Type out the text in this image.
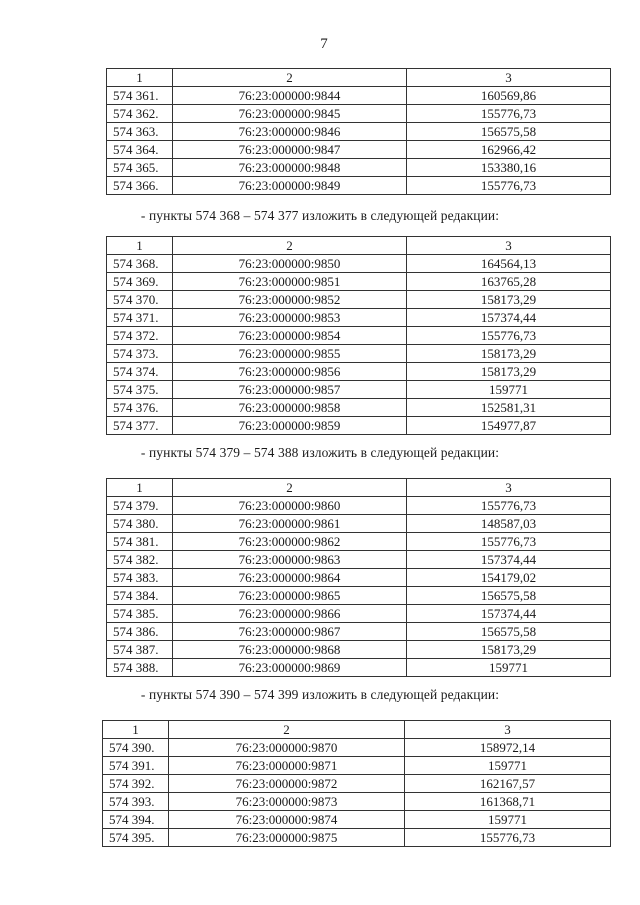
7
1	2	3
574 361.	76:23:000000:9844	160569,86
574 362.	76:23:000000:9845	155776,73
574 363.	76:23:000000:9846	156575,58
574 364.	76:23:000000:9847	162966,42
574 365.	76:23:000000:9848	153380,16
574 366.	76:23:000000:9849	155776,73
- пункты 574 368 – 574 377 изложить в следующей редакции:
1	2	3
574 368.	76:23:000000:9850	164564,13
574 369.	76:23:000000:9851	163765,28
574 370.	76:23:000000:9852	158173,29
574 371.	76:23:000000:9853	157374,44
574 372.	76:23:000000:9854	155776,73
574 373.	76:23:000000:9855	158173,29
574 374.	76:23:000000:9856	158173,29
574 375.	76:23:000000:9857	159771
574 376.	76:23:000000:9858	152581,31
574 377.	76:23:000000:9859	154977,87
- пункты 574 379 – 574 388 изложить в следующей редакции:
1	2	3
574 379.	76:23:000000:9860	155776,73
574 380.	76:23:000000:9861	148587,03
574 381.	76:23:000000:9862	155776,73
574 382.	76:23:000000:9863	157374,44
574 383.	76:23:000000:9864	154179,02
574 384.	76:23:000000:9865	156575,58
574 385.	76:23:000000:9866	157374,44
574 386.	76:23:000000:9867	156575,58
574 387.	76:23:000000:9868	158173,29
574 388.	76:23:000000:9869	159771
- пункты 574 390 – 574 399 изложить в следующей редакции:
1	2	3
574 390.	76:23:000000:9870	158972,14
574 391.	76:23:000000:9871	159771
574 392.	76:23:000000:9872	162167,57
574 393.	76:23:000000:9873	161368,71
574 394.	76:23:000000:9874	159771
574 395.	76:23:000000:9875	155776,73
